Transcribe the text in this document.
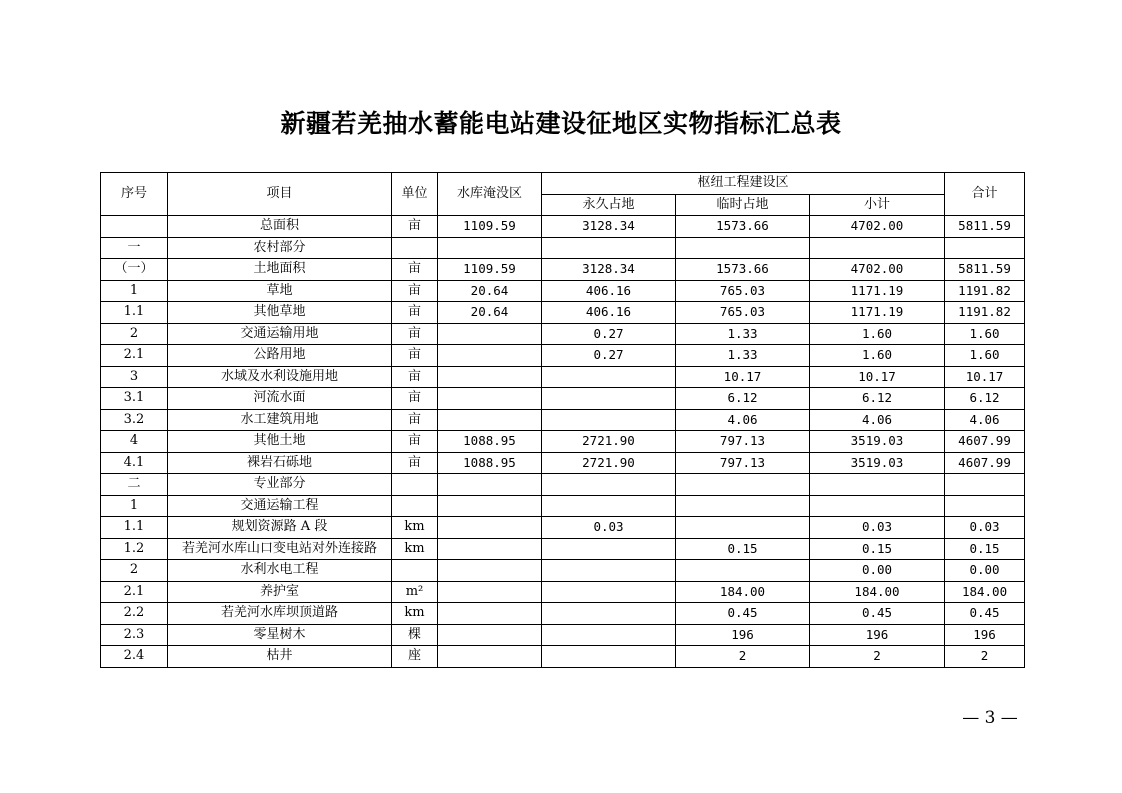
新疆若羌抽水蓄能电站建设征地区实物指标汇总表
序号	项目	单位	水库淹没区	枢纽工程建设区			合计
				永久占地	临时占地	小计	
	总面积	亩	1109.59	3128.34	1573.66	4702.00	5811.59
一	农村部分						
（一）	土地面积	亩	1109.59	3128.34	1573.66	4702.00	5811.59
1	草地	亩	20.64	406.16	765.03	1171.19	1191.82
1.1	其他草地	亩	20.64	406.16	765.03	1171.19	1191.82
2	交通运输用地	亩		0.27	1.33	1.60	1.60
2.1	公路用地	亩		0.27	1.33	1.60	1.60
3	水域及水利设施用地	亩			10.17	10.17	10.17
3.1	河流水面	亩			6.12	6.12	6.12
3.2	水工建筑用地	亩			4.06	4.06	4.06
4	其他土地	亩	1088.95	2721.90	797.13	3519.03	4607.99
4.1	裸岩石砾地	亩	1088.95	2721.90	797.13	3519.03	4607.99
二	专业部分						
1	交通运输工程						
1.1	规划资源路 A 段	km		0.03		0.03	0.03
1.2	若羌河水库山口变电站对外连接路	km			0.15	0.15	0.15
2	水利水电工程					0.00	0.00
2.1	养护室	m²			184.00	184.00	184.00
2.2	若羌河水库坝顶道路	km			0.45	0.45	0.45
2.3	零星树木	棵			196	196	196
2.4	枯井	座			2	2	2
— 3 —
